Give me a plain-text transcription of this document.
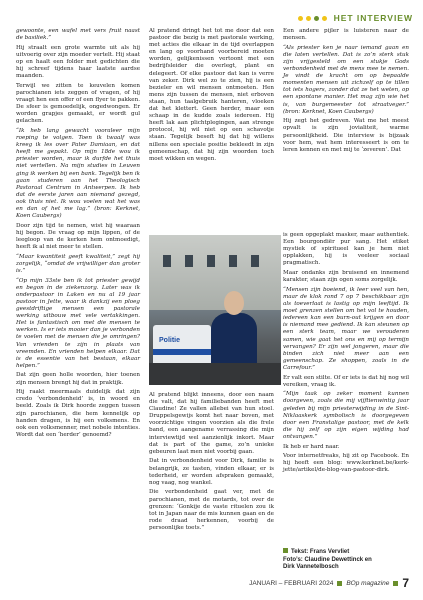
HET INTERVIEW

gewoonte, een wafel met vers fruit naast de basiliek.”

Hij straalt een grote warmte uit als hij uitvoerig over zijn moeder vertelt. Hij staat op en haalt een folder met gedichten die hij schreef tijdens haar laatste aardse maanden.

Terwijl we zitten te keuvelen komen parochianen iets zeggen of vragen, of hij vraagt hen een offer of een flyer te pakken. De sfeer is gemoedelijk, ongedwongen. Er worden grapjes gemaakt, er wordt gul gelachen.

“Ik heb lang gewacht vooraleer mijn roeping te volgen. Toen ik twaalf was kreeg ik les over Pater Damiaan, en dat heeft me gepakt. Op mijn 18de wou ik priester worden, maar ik durfde het thuis niet vertellen. Na mijn studies in Leuven ging ik werken bij een bank. Tegelijk ben ik gaan studeren aan het Theologisch Pastoraal Centrum in Antwerpen. Ik heb dat de eerste jaren aan niemand gezegd, ook thuis niet. Ik wou voelen wat het was en dan of het me lag.” (bron: Kerknet, Koen Caubergs)

Door zijn tijd te nemen, wist hij waaraan hij begon. De vraag op mijn lippen, of de leegloop van de kerken hem ontmoedigt, heeft ik al niet meer te stellen.

“Maar kwantiteit geeft kwaliteit,” zegt hij zorgelijk, “omdat de vrijwilliger dan groter is.”

“Op mijn 33ste ben ik tot priester gewijd en begon in de ziekenzorg. Later was ik onderpastoor in Laken en nu al 19 jaar pastoor in Jette, waar ik dankzij een ploeg geestdriftige mensen een pastorale werking uitbouw met vele vertakkingen. Het is fantastisch om met die mensen te werken. Is er iets mooier dan je verbonden te voelen met de mensen die je omringen? Van vrienden te zijn in plaats van vreemden. En vrienden helpen elkaar. Dat is de essentie van het bestaan, elkaar helpen.”

Dat zijn geen holle woorden, hier toenen zijn mensen brengt hij dat in praktijk.

Hij raakt meermaals duidelijk dat zijn credo ‘verbondenheid’ is, in woord en beeld. Zoals ik Dirk hoorde zeggen tussen zijn parochianen, die hem kennelijk op handen dragen, is hij een volksmens. En ook een volksmenner, met nobele intenties. Wordt dat een ‘herder’ genoemd?

Al pratend dringt het tot me door dat een pastoor die bezig is met pastorale werking, met acties die elkaar in de tijd overlappen en lang op voorhand voorbereid moeten worden, gelijkenissen vertoont met een bedrijfsleider die overlegt, plant en delegeert. Of elke pastoor dat kan is verre van zeker. Dirk wel zo te zien, hij is een bezieler en wil mensen ontmoeten. Hen mens zijn tussen de mensen, niet erboven staan, hun taalgebruik hanteren, vloeken dat het klettert. Geen herder, maar een schaap in de kudde zoals iedereen. Hij heeft lak aan plichtplegingen, aan strenge protocol, hij wil niet op een schavotje staan. Tegelijk beseft hij dat hij willens nillens een speciale positie bekleedt in zijn gemeenschap, dat hij zijn woorden toch moet wikken en wegen.

Politie

Al pratend blijkt inneens, door een naam die valt, dat hij familiebanden heeft met Claudine! Ze vallen allebei van hun stoel. Druppelsgewijs komt het naar boven, met voorzichtige vingen voorzien als die frele band, een aangename verrassing die mijn interviewtijd wel aanzienlijk inkort. Maar dat is part of the game, zo’n unieke gebeuren laat men niet voorbij gaan.

Dat in verbondenheid voor Dirk, familie is belangrijk, ze tasten, vinden elkaar, er is tederheid, er worden afspraken gemaakt, nog vaag, nog wankel.

Die verbondenheid gaat ver, met de parochianen, met de motards, tot over de grenzen: ‘Gonkije de vaste rituelen zou ik tot in Japan naar de mis kunnen gaan en de rode draad herkennen, voorbij de persoonlijke toets.”

Een andere pijler is luisteren naar de mensen.

“Als priester ken je naar iemand gaan en die laten vertellen. Dat is zo’n sterk stuk zijn vrijgesteld om een stukje Gods verbondenheid met de mens mee te nemen. Je vindt de kracht om op bepaalde momenten mensen uit zichzelf op te tillen tot iets hogers, zonder dat ze het weten, op een spontane manier. Het mag zijn wie het is, van burgemeester tot straatveger.” (bron: Kerknet, Koen Caubergs)

Hij zegt het gedreven. Wat me het meest opvalt is zijn jovialiteit, warme persoonlijkheid. Die interview is bijzaak voor hem, wat hem interesseert is om te leren kennen en met mij te ‘zeveren’. Dat

is geen opgeplakt masker, maar authentiek. Een bourgondiër pur sang. Het etiket mystiek of spiritueel kan je hem niet opplakken, hij is veeleer sociaal pragmatisch.

Maar ondanks zijn bruisend en innemend karakter, staan zijn ogen soms zorgelijk.

“Mensen zijn boeiend, ik leer veel van hen, maar de klok rond 7 op 7 beschikbaar zijn als toeverlaat is lastig op mijn leeftijd. Ik moet grenzen stellen om het vol te houden, iedereen kan een burn-out krijgen en door is niemand mee gediend. Ik kan steunen op een sterk team, maar we verouderen samen, wie gaat het ons en mij op termijn vervangen? Er zijn wel jongeren, maar die binden zich niet meer aan een gemeenschap. Ze shoppen, zoals in de Carrefour.”

Er valt een stilte. Of er iets is dat hij nog wil vereiken, vraag ik.

“Mijn taak op zeker moment kunnen doorgeven, zoals die mij vijftienwintig jaar geleden bij mijn priesterwijding in de Sint-Niklaaskerk symbolisch is doorgegeven door een Franstalige pastoor, met de kelk die hij zelf op zijn eigen wijding had ontvangen.”

Ik heb er hard naar.

Voor internetfreaks, hij zit op Facebook. En hij heeft een blog: www.kerknet.be/kerk-jette/artikel/de-blog-van-pastoor-dirk.

Tekst: Frans Vervliet
Foto’s: Claudine Dewettinck en
Dirk Vannetelbosch
JANUARI – FEBRUARI 2024 BOp magazine 7
